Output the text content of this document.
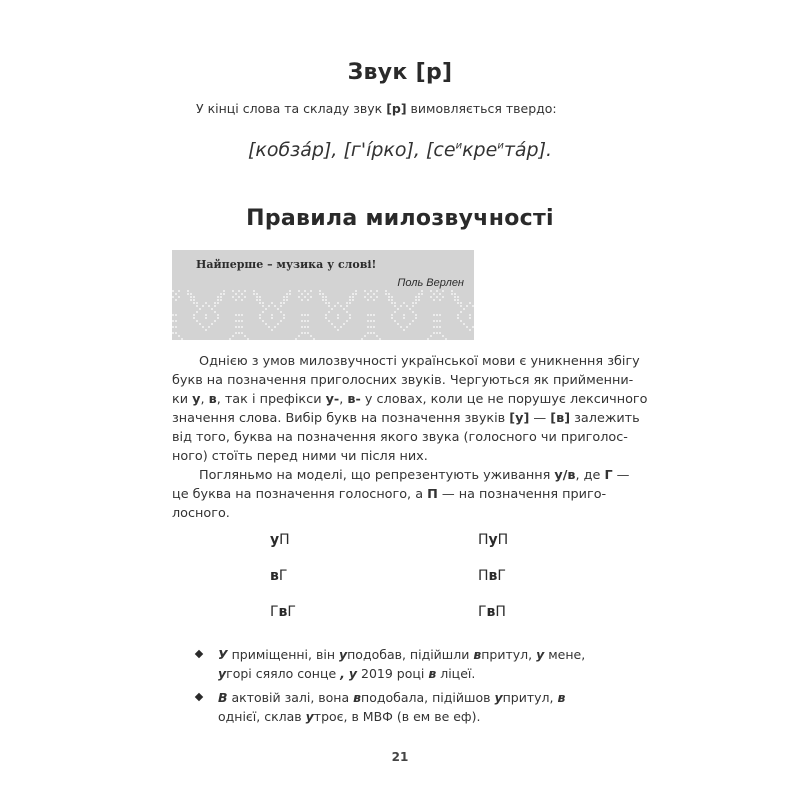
Звук [р]
У кінці слова та складу звук [р] вимовляється твердо:
[кобза́р], [г'і́рко], $[се^икре^ита́р]$.
Правила милозвучності
Найперше – музика у слові!
Поль Верлен
Однією з умов милозвучності української мови є уникнення збігу
букв на позначення приголосних звуків. Чергуються як прийменни-
ки у, в, так і префікси у-, в- у словах, коли це не порушує лексичного
значення слова. Вибір букв на позначення звуків [у] — [в] залежить
від того, буква на позначення якого звука (голосного чи приголос-
ного) стоїть перед ними чи після них.
Погляньмо на моделі, що репрезентують уживання у/в, де Г —
це буква на позначення голосного, а П — на позначення приго-
лосного.
уП	ПуП
вГ	ПвГ
ГвГ	ГвП
У приміщенні, він уподобав, підійшли впритул, у мене, угорі сяяло сонце , у 2019 році в ліцеї.
В актовій залі, вона вподобала, підійшов упритул, в однієї, склав утроє, в МВФ (в ем ве еф).
21
